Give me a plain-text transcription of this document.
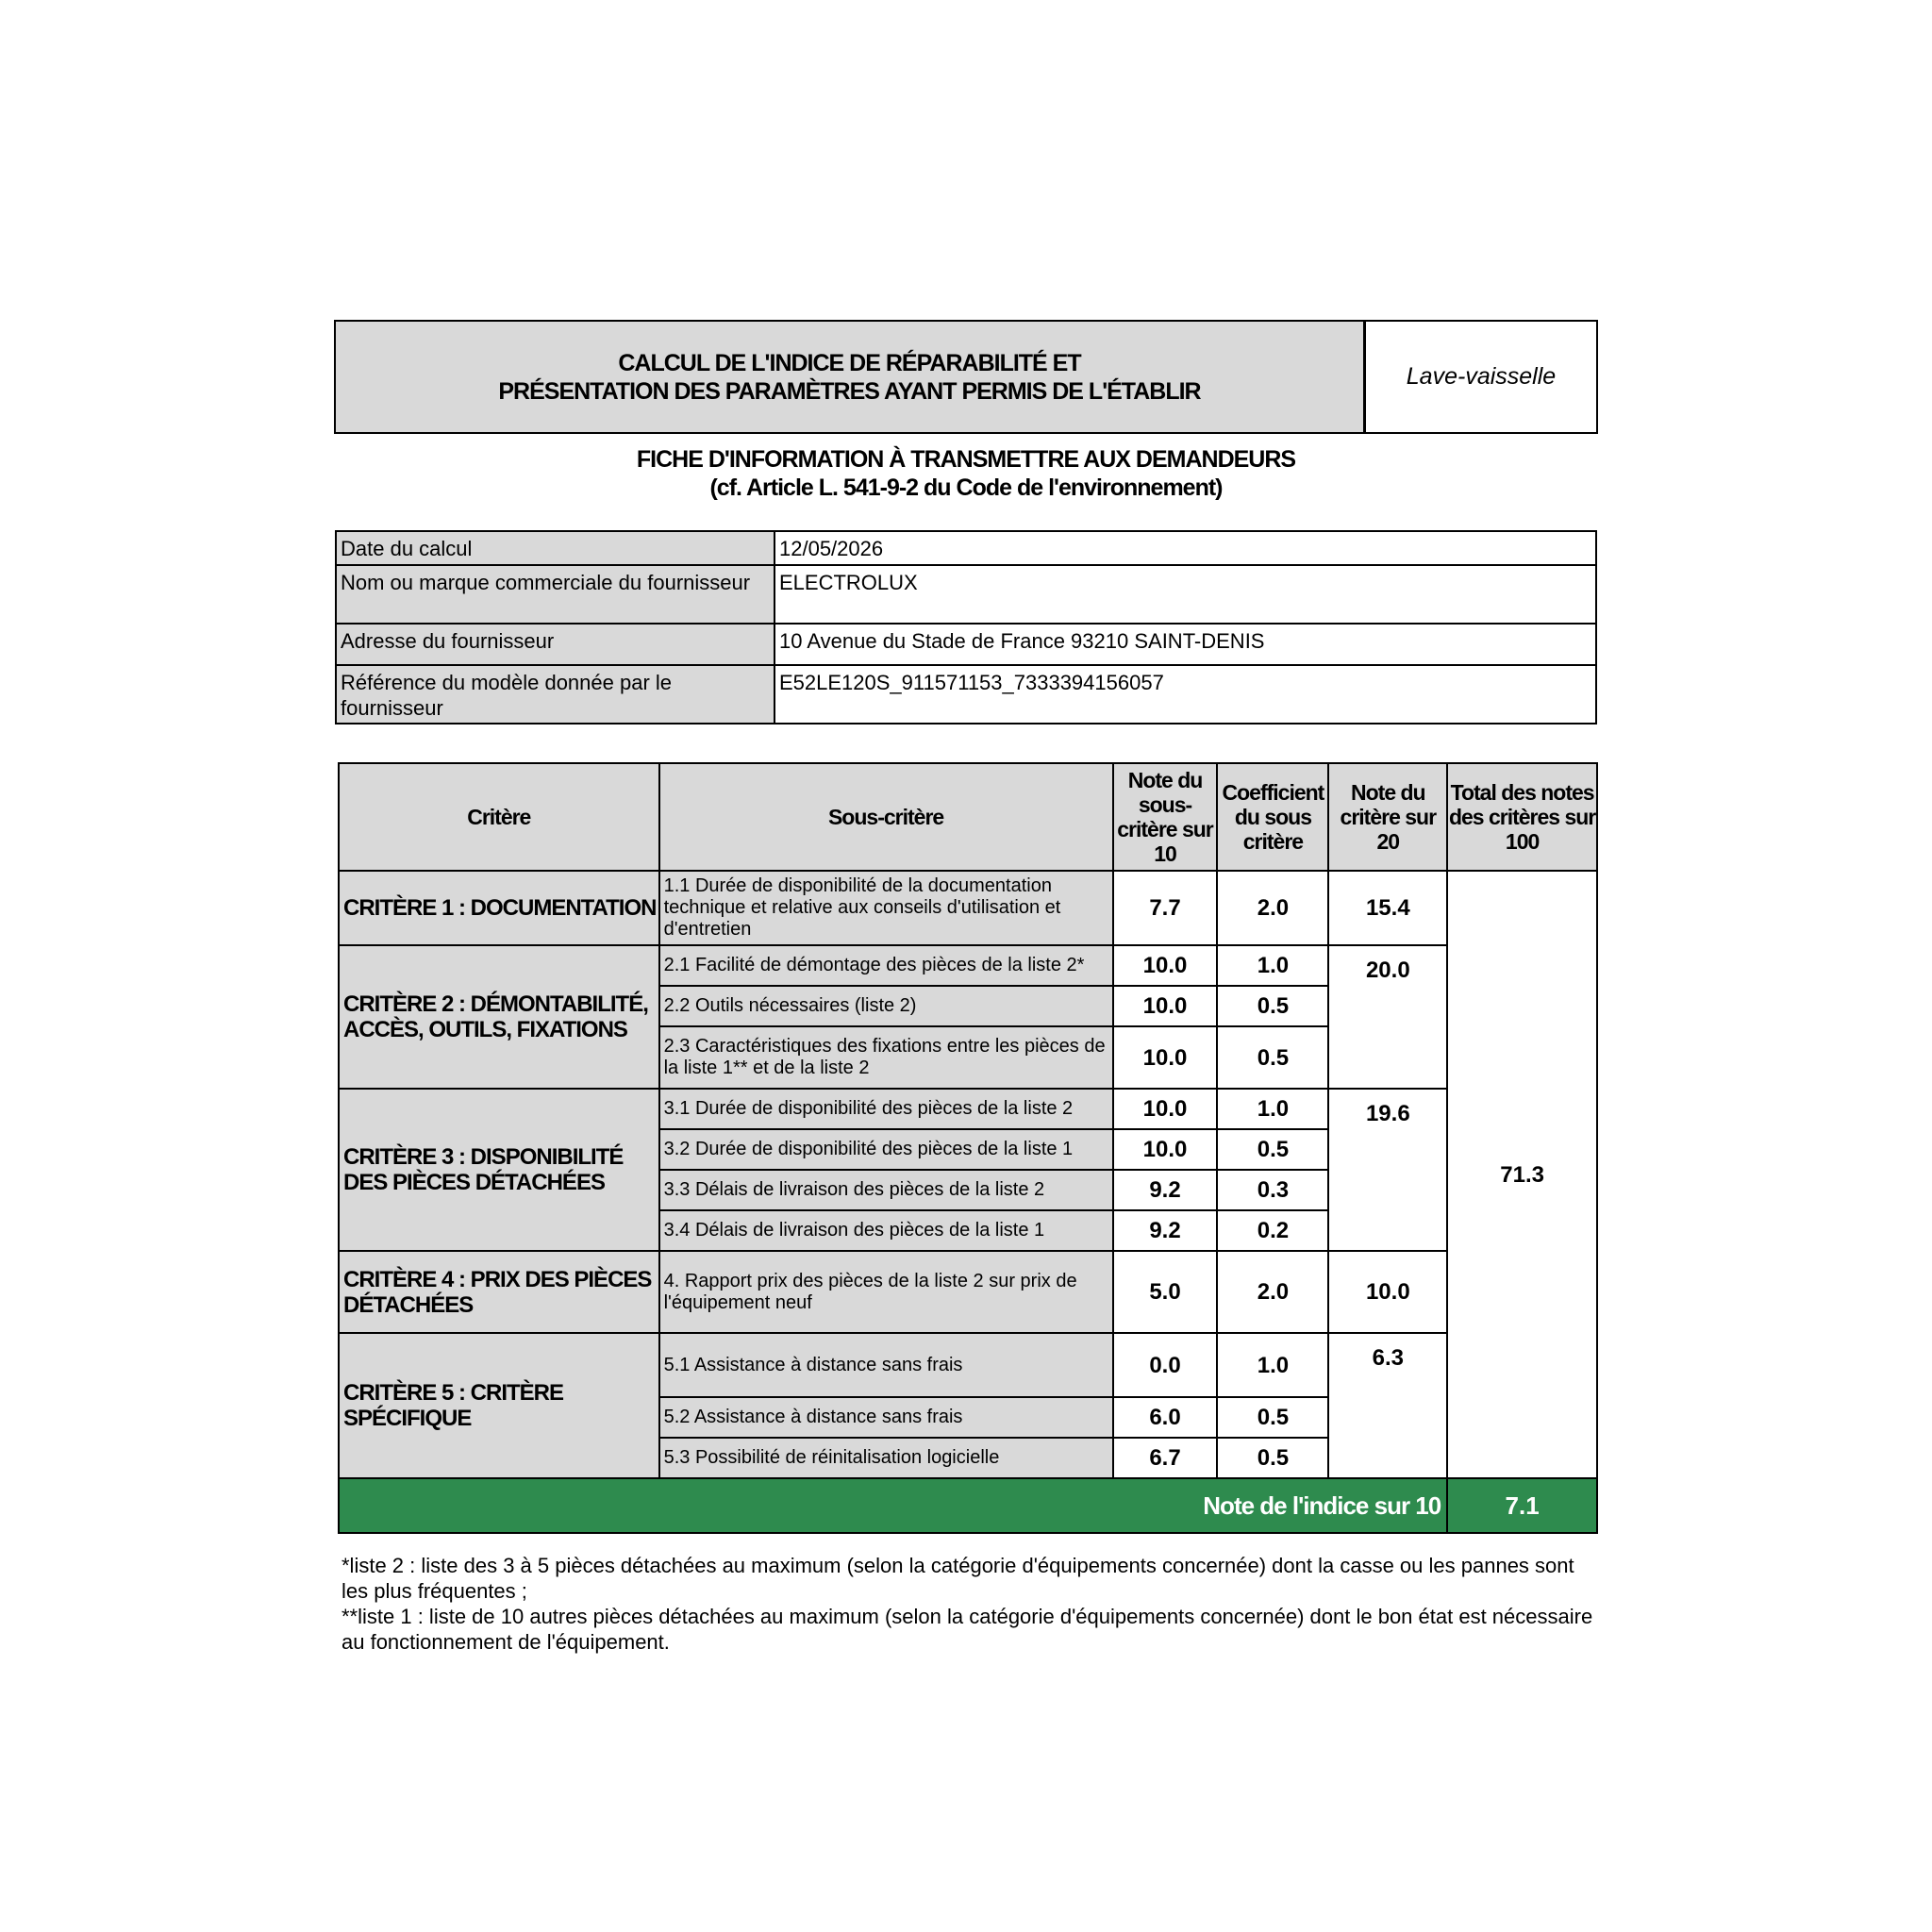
CALCUL DE L'INDICE DE RÉPARABILITÉ ET
PRÉSENTATION DES PARAMÈTRES AYANT PERMIS DE L'ÉTABLIR
	Lave-vaisselle
FICHE D'INFORMATION À TRANSMETTRE AUX DEMANDEURS
(cf. Article L. 541-9-2 du Code de l'environnement)
Date du calcul	12/05/2026
Nom ou marque commerciale du fournisseur	ELECTROLUX
Adresse du fournisseur	10 Avenue du Stade de France 93210 SAINT-DENIS
Référence du modèle donnée par le fournisseur	E52LE120S_911571153_7333394156057
Critère	Sous-critère	Note du sous-critère sur 10	Coefficient du sous critère	Note du critère sur 20	Total des notes des critères sur 100
CRITÈRE 1 : DOCUMENTATION	1.1 Durée de disponibilité de la documentation technique et relative aux conseils d'utilisation et d'entretien	7.7	2.0	15.4	71.3
CRITÈRE 2 : DÉMONTABILITÉ, ACCÈS, OUTILS, FIXATIONS	2.1 Facilité de démontage des pièces de la liste 2*	10.0	1.0	20.0	
	2.2 Outils nécessaires (liste 2)	10.0	0.5		
	2.3 Caractéristiques des fixations entre les pièces de la liste 1** et de la liste 2	10.0	0.5		
CRITÈRE 3 : DISPONIBILITÉ DES PIÈCES DÉTACHÉES	3.1 Durée de disponibilité des pièces de la liste 2	10.0	1.0	19.6	
	3.2 Durée de disponibilité des pièces de la liste 1	10.0	0.5		
	3.3 Délais de livraison des pièces de la liste 2	9.2	0.3		
	3.4 Délais de livraison des pièces de la liste 1	9.2	0.2		
CRITÈRE 4 : PRIX DES PIÈCES DÉTACHÉES	4. Rapport prix des pièces de la liste 2 sur prix de l'équipement neuf	5.0	2.0	10.0	
CRITÈRE 5 : CRITÈRE SPÉCIFIQUE	5.1 Assistance à distance sans frais	0.0	1.0	6.3	
	5.2 Assistance à distance sans frais	6.0	0.5		
	5.3 Possibilité de réinitalisation logicielle	6.7	0.5		
Note de l'indice sur 10					7.1

*liste 2 : liste des 3 à 5 pièces détachées au maximum (selon la catégorie d'équipements concernée) dont la casse ou les pannes sont les plus fréquentes ;

**liste 1 : liste de 10 autres pièces détachées au maximum (selon la catégorie d'équipements concernée) dont le bon état est nécessaire au fonctionnement de l'équipement.
